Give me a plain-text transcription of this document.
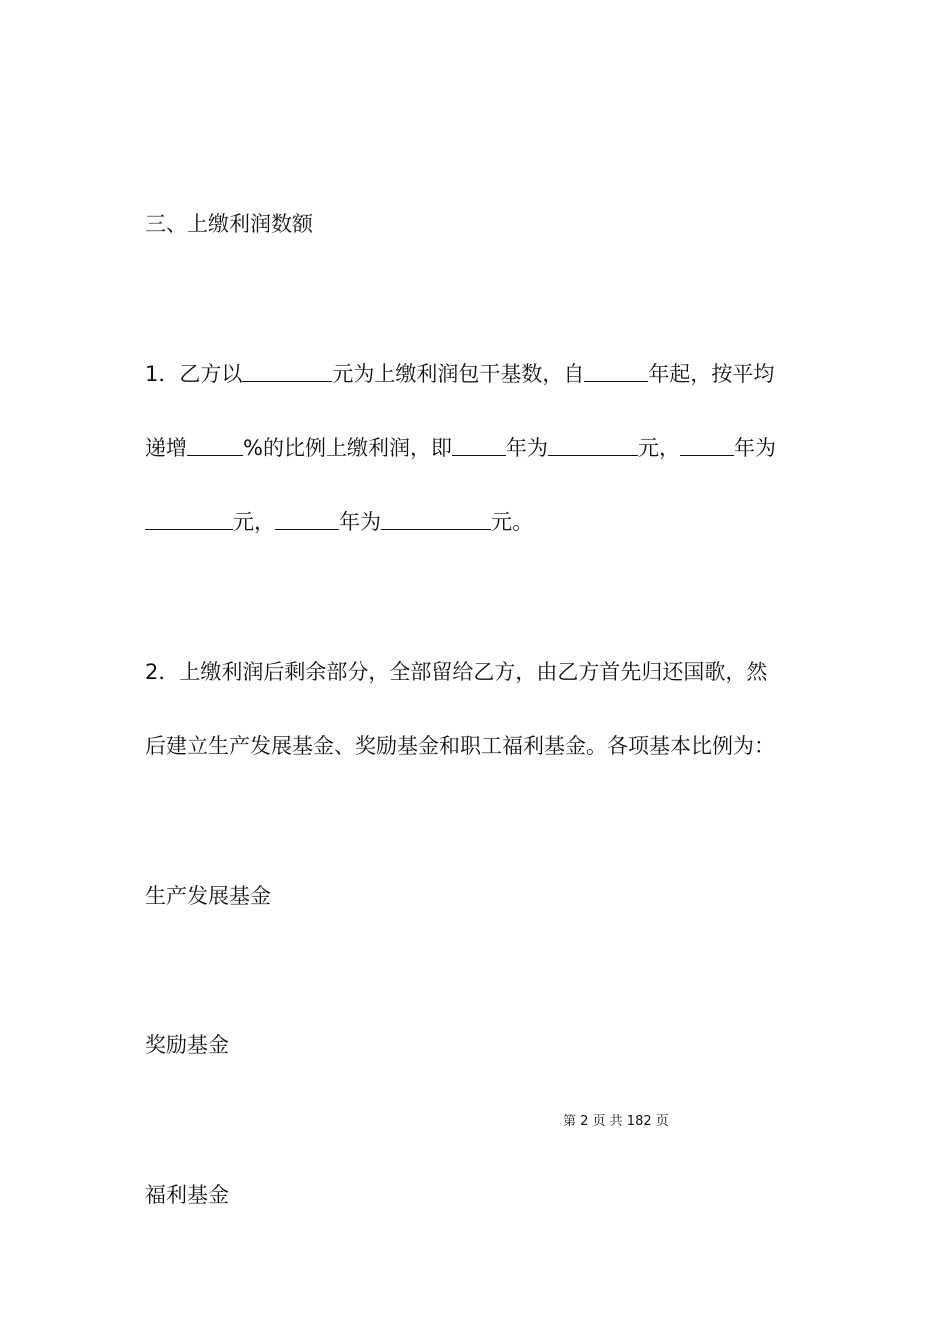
三、上缴利润数额
1．乙方以	元为上缴利润包干基数，自	年起，按平均
递增	%的比例上缴利润，即	年为	元，	年为
元，	年为	元。
2．上缴利润后剩余部分，全部留给乙方，由乙方首先归还国歌，然
后建立生产发展基金、奖励基金和职工福利基金。各项基本比例为：
生产发展基金
奖励基金
第 2 页 共 182 页
福利基金
